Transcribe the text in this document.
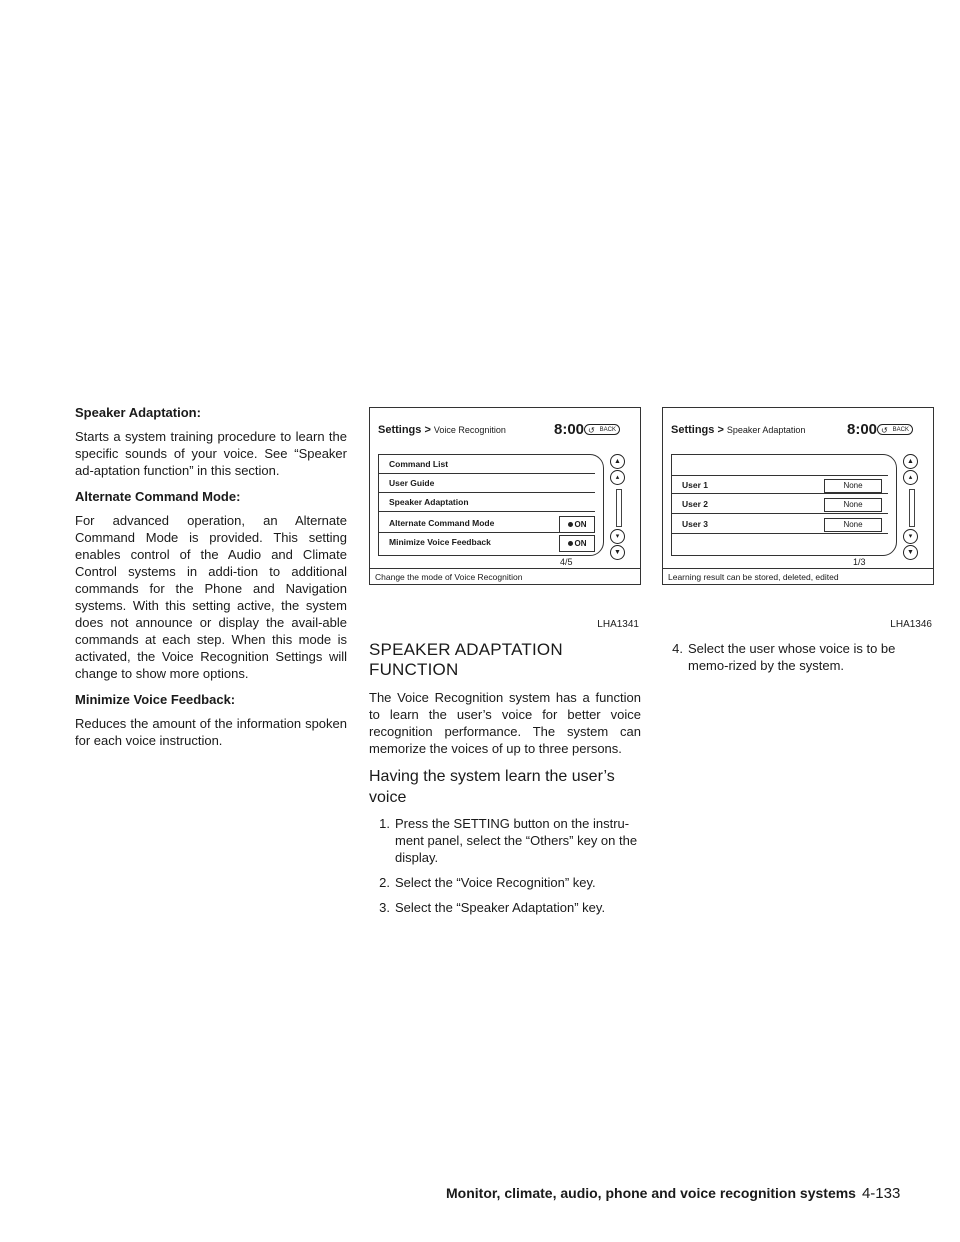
Speaker Adaptation:

Starts a system training procedure to learn the specific sounds of your voice. See “Speaker ad-aptation function” in this section.

Alternate Command Mode:

For advanced operation, an Alternate Command Mode is provided. This setting enables control of the Audio and Climate Control systems in addi-tion to additional commands for the Phone and Navigation systems. With this setting active, the system does not announce or display the avail-able commands at each step. When this mode is activated, the Voice Recognition Settings will change to show more options.

Minimize Voice Feedback:

Reduces the amount of the information spoken for each voice instruction.

Settings > Voice Recognition	8:00 ↺ BACK
Command List
User Guide
Speaker Adaptation
Alternate Command Mode	ON
Minimize Voice Feedback	ON
▲
▴
▾
▼
4/5
Change the mode of Voice Recognition
LHA1341
Settings > Speaker Adaptation	8:00 ↺ BACK
User 1	None
User 2	None
User 3	None
▲
▴
▾
▼
1/3
Learning result can be stored, deleted, edited
LHA1346
SPEAKER ADAPTATION FUNCTION

The Voice Recognition system has a function to learn the user’s voice for better voice recognition performance. The system can memorize the voices of up to three persons.

Having the system learn the user’s voice
1. Press the SETTING button on the instru-ment panel, select the “Others” key on the display.
2. Select the “Voice Recognition” key.
3. Select the “Speaker Adaptation” key.
4. Select the user whose voice is to be memo-rized by the system.
Monitor, climate, audio, phone and voice recognition systems 4-133
